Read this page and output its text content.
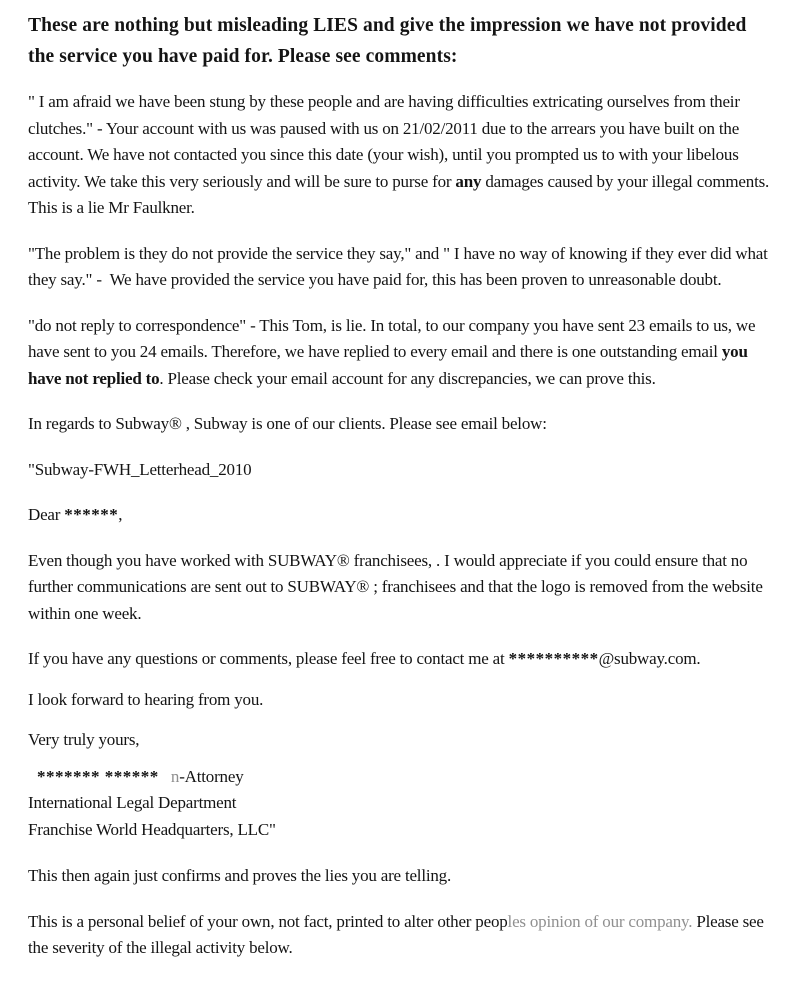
These are nothing but misleading LIES and give the impression we have not provided the service you have paid for. Please see comments:

" I am afraid we have been stung by these people and are having difficulties extricating ourselves from their clutches." - Your account with us was paused with us on 21/02/2011 due to the arrears you have built on the account. We have not contacted you since this date (your wish), until you prompted us to with your libelous activity. We take this very seriously and will be sure to purse for any damages caused by your illegal comments. This is a lie Mr Faulkner.

"The problem is they do not provide the service they say," and " I have no way of knowing if they ever did what they say." -  We have provided the service you have paid for, this has been proven to unreasonable doubt.

"do not reply to correspondence" - This Tom, is lie. In total, to our company you have sent 23 emails to us, we have sent to you 24 emails. Therefore, we have replied to every email and there is one outstanding email you have not replied to. Please check your email account for any discrepancies, we can prove this.

In regards to Subway® , Subway is one of our clients. Please see email below:

"Subway-FWH_Letterhead_2010

Dear ******,

Even though you have worked with SUBWAY® franchisees, . I would appreciate if you could ensure that no further communications are sent out to SUBWAY® ; franchisees and that the logo is removed from the website within one week.

If you have any questions or comments, please feel free to contact me at **********@subway.com.

I look forward to hearing from you.

Very truly yours,

******* ******   n-Attorney

International Legal Department

Franchise World Headquarters, LLC"

This then again just confirms and proves the lies you are telling.

This is a personal belief of your own, not fact, printed to alter other peoples opinion of our company. Please see the severity of the illegal activity below.
